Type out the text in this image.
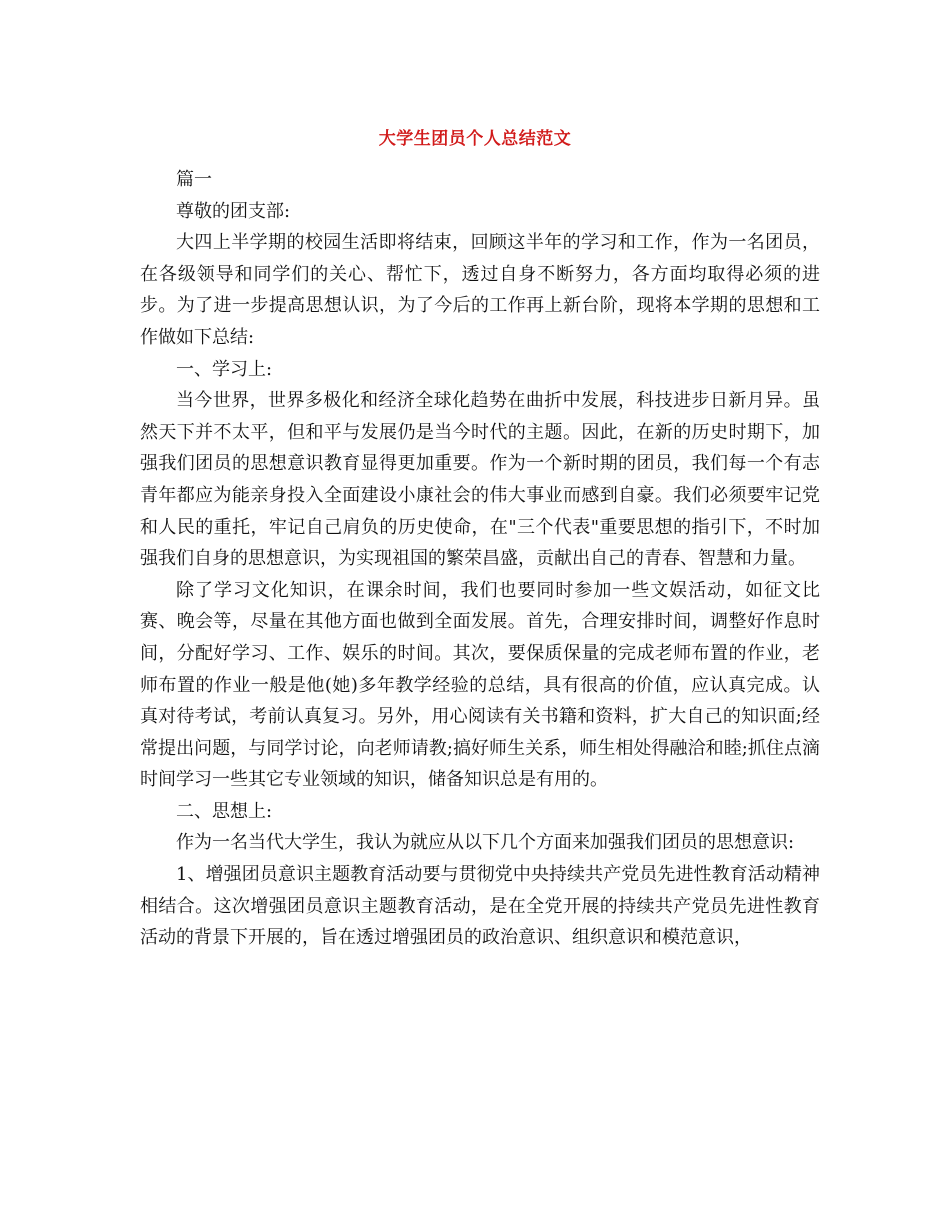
大学生团员个人总结范文

篇一

尊敬的团支部:

大四上半学期的校园生活即将结束，回顾这半年的学习和工作，作为一名团员，在各级领导和同学们的关心、帮忙下，透过自身不断努力，各方面均取得必须的进步。为了进一步提高思想认识，为了今后的工作再上新台阶，现将本学期的思想和工作做如下总结:

一、学习上:

当今世界，世界多极化和经济全球化趋势在曲折中发展，科技进步日新月异。虽然天下并不太平，但和平与发展仍是当今时代的主题。因此，在新的历史时期下，加强我们团员的思想意识教育显得更加重要。作为一个新时期的团员，我们每一个有志青年都应为能亲身投入全面建设小康社会的伟大事业而感到自豪。我们必须要牢记党和人民的重托，牢记自己肩负的历史使命，在"三个代表"重要思想的指引下，不时加强我们自身的思想意识，为实现祖国的繁荣昌盛，贡献出自己的青春、智慧和力量。

除了学习文化知识，在课余时间，我们也要同时参加一些文娱活动，如征文比赛、晚会等，尽量在其他方面也做到全面发展。首先，合理安排时间，调整好作息时间，分配好学习、工作、娱乐的时间。其次，要保质保量的完成老师布置的作业，老师布置的作业一般是他(她)多年教学经验的总结，具有很高的价值，应认真完成。认真对待考试，考前认真复习。另外，用心阅读有关书籍和资料，扩大自己的知识面;经常提出问题，与同学讨论，向老师请教;搞好师生关系，师生相处得融洽和睦;抓住点滴时间学习一些其它专业领域的知识，储备知识总是有用的。

二、思想上:

作为一名当代大学生，我认为就应从以下几个方面来加强我们团员的思想意识:

1、增强团员意识主题教育活动要与贯彻党中央持续共产党员先进性教育活动精神相结合。这次增强团员意识主题教育活动，是在全党开展的持续共产党员先进性教育活动的背景下开展的，旨在透过增强团员的政治意识、组织意识和模范意识，
